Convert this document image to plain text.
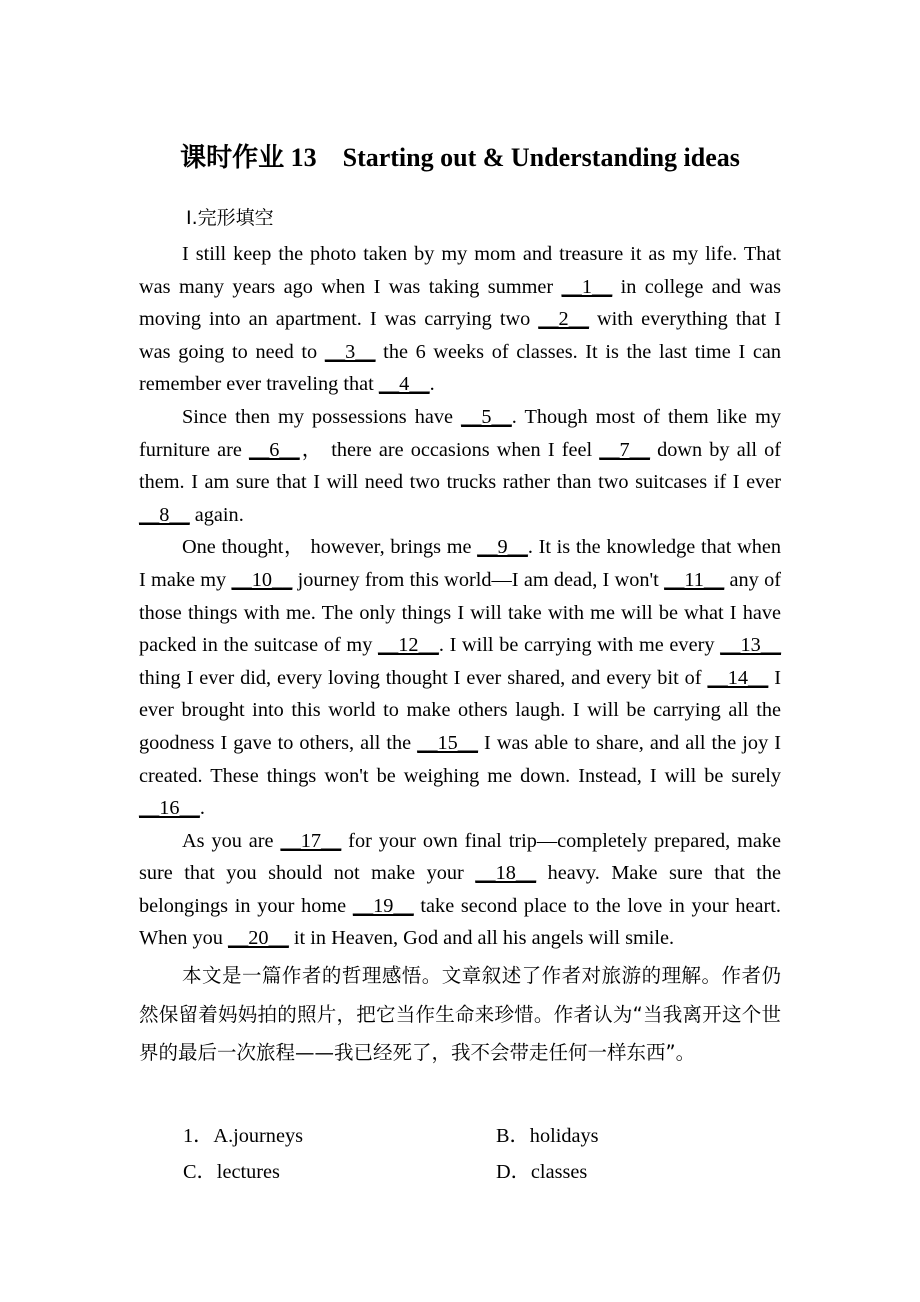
课时作业 13 Starting out & Understanding ideas
Ⅰ.完形填空

I still keep the photo taken by my mom and treasure it as my life. That was many years ago when I was taking summer __1__ in college and was moving into an apartment. I was carrying two __2__ with everything that I was going to need to __3__ the 6 weeks of classes. It is the last time I can remember ever traveling that __4__.

Since then my possessions have __5__. Though most of them like my furniture are __6__， there are occasions when I feel __7__ down by all of them. I am sure that I will need two trucks rather than two suitcases if I ever __8__ again.

One thought， however, brings me __9__. It is the knowledge that when I make my __10__ journey from this world—I am dead, I won't __11__ any of those things with me. The only things I will take with me will be what I have packed in the suitcase of my __12__. I will be carrying with me every __13__ thing I ever did, every loving thought I ever shared, and every bit of __14__ I ever brought into this world to make others laugh. I will be carrying all the goodness I gave to others, all the __15__ I was able to share, and all the joy I created. These things won't be weighing me down. Instead, I will be surely __16__.

As you are __17__ for your own final trip—completely prepared, make sure that you should not make your __18__ heavy. Make sure that the belongings in your home __19__ take second place to the love in your heart. When you __20__ it in Heaven, God and all his angels will smile.

本文是一篇作者的哲理感悟。文章叙述了作者对旅游的理解。作者仍然保留着妈妈拍的照片，把它当作生命来珍惜。作者认为“当我离开这个世界的最后一次旅程——我已经死了，我不会带走任何一样东西”。

1．A.journeys	B．holidays
C．lectures	D．classes
